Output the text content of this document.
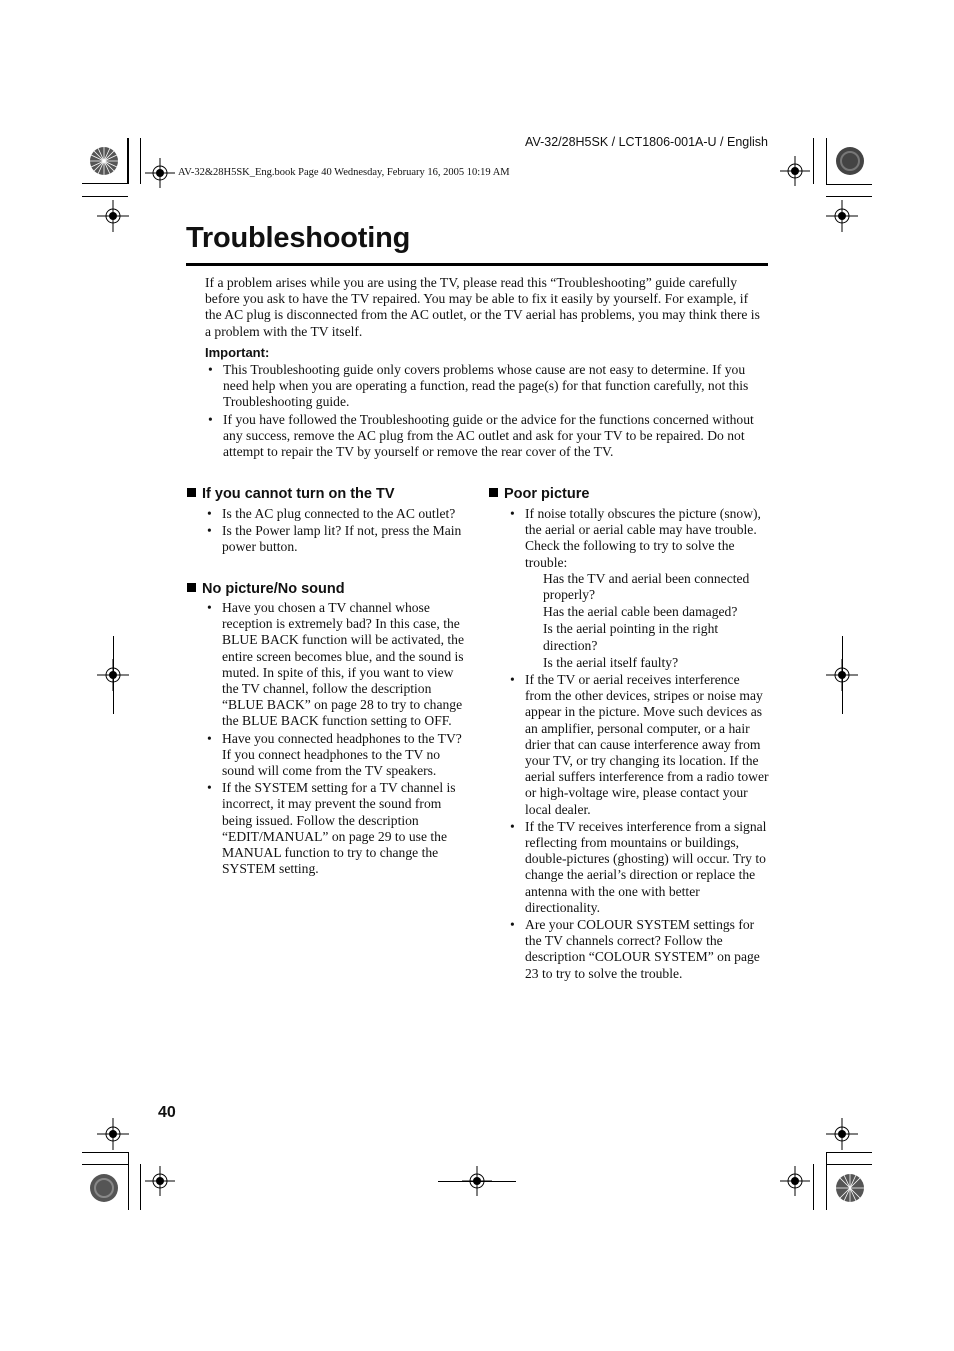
AV-32/28H5SK / LCT1806-001A-U / English
AV-32&28H5SK_Eng.book Page 40 Wednesday, February 16, 2005 10:19 AM
Troubleshooting
If a problem arises while you are using the TV, please read this “Troubleshooting” guide carefully before you ask to have the TV repaired. You may be able to fix it easily by yourself. For example, if the AC plug is disconnected from the AC outlet, or the TV aerial has problems, you may think there is a problem with the TV itself.
Important:
• This Troubleshooting guide only covers problems whose cause are not easy to determine. If you need help when you are operating a function, read the page(s) for that function carefully, not this Troubleshooting guide.
• If you have followed the Troubleshooting guide or the advice for the functions concerned without any success, remove the AC plug from the AC outlet and ask for your TV to be repaired. Do not attempt to repair the TV by yourself or remove the rear cover of the TV.
If you cannot turn on the TV
• Is the AC plug connected to the AC outlet?
• Is the Power lamp lit? If not, press the Main power button.
No picture/No sound
• Have you chosen a TV channel whose reception is extremely bad? In this case, the BLUE BACK function will be activated, the entire screen becomes blue, and the sound is muted. In spite of this, if you want to view the TV channel, follow the description “BLUE BACK” on page 28 to try to change the BLUE BACK function setting to OFF.
• Have you connected headphones to the TV? If you connect headphones to the TV no sound will come from the TV speakers.
• If the SYSTEM setting for a TV channel is incorrect, it may prevent the sound from being issued. Follow the description “EDIT/MANUAL” on page 29 to use the MANUAL function to try to change the SYSTEM setting.
Poor picture
• If noise totally obscures the picture (snow), the aerial or aerial cable may have trouble. Check the following to try to solve the trouble:
Has the TV and aerial been connected properly?
Has the aerial cable been damaged?
Is the aerial pointing in the right direction?
Is the aerial itself faulty?
• If the TV or aerial receives interference from the other devices, stripes or noise may appear in the picture. Move such devices as an amplifier, personal computer, or a hair drier that can cause interference away from your TV, or try changing its location. If the aerial suffers interference from a radio tower or high-voltage wire, please contact your local dealer.
• If the TV receives interference from a signal reflecting from mountains or buildings, double-pictures (ghosting) will occur. Try to change the aerial’s direction or replace the antenna with the one with better directionality.
• Are your COLOUR SYSTEM settings for the TV channels correct? Follow the description “COLOUR SYSTEM” on page 23 to try to solve the trouble.
40
